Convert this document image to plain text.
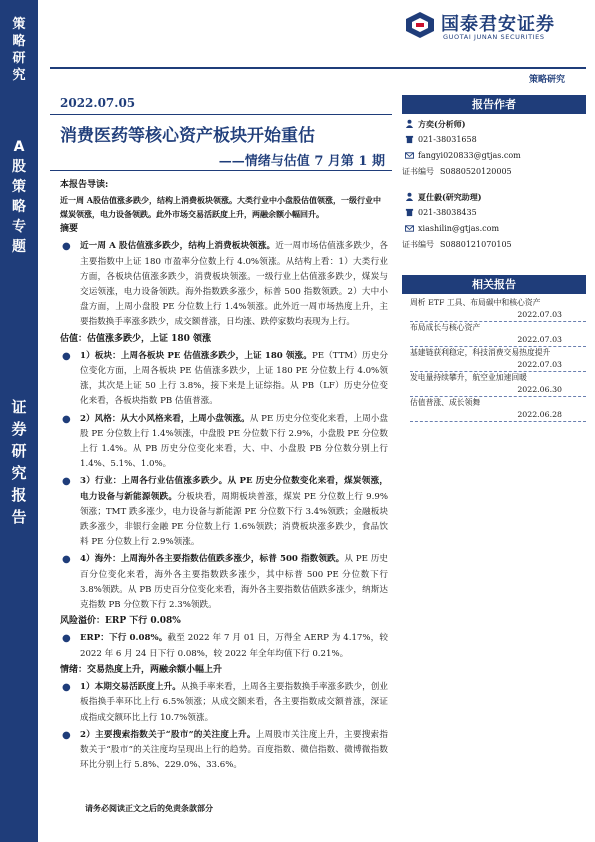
策
略
研
究
A
股
策
略
专
题
证
券
研
究
报
告
国泰君安证券
GUOTAI JUNAN SECURITIES
策略研究
2022.07.05
消费医药等核心资产板块开始重估
——情绪与估值 7 月第 1 期
本报告导读:
近一周 A股估值涨多跌少，结构上消费板块领涨。大类行业中小盘股估值领涨，一级行业中煤炭领涨，电力设备领跌。此外市场交易活跃度上升，两融余额小幅回升。
摘要
● 近一周 A 股估值涨多跌少，结构上消费板块领涨。近一周市场估值涨多跌少，各主要指数中上证 180 市盈率分位数上行 4.0%领涨。从结构上看：1）大类行业方面，各板块估值涨多跌少，消费板块领涨。一级行业上估值涨多跌少，煤炭与交运领涨，电力设备领跌。海外指数跌多涨少，标普 500 指数领跌。2）大中小盘方面，上周小盘股 PE 分位数上行 1.4%领涨。此外近一周市场热度上升，主要指数换手率涨多跌少，成交额普涨，日均涨、跌停家数均表现为上行。
估值：估值涨多跌少，上证 180 领涨
● 1）板块：上周各板块 PE 估值涨多跌少，上证 180 领涨。PE（TTM）历史分位变化方面，上周各板块 PE 估值涨多跌少，上证 180 PE 分位数上行 4.0%领涨，其次是上证 50 上行 3.8%，接下来是上证综指。从 PB（LF）历史分位变化来看，各板块指数 PB 估值普涨。
● 2）风格：从大小风格来看，上周小盘领涨。从 PE 历史分位变化来看，上周小盘股 PE 分位数上行 1.4%领涨，中盘股 PE 分位数下行 2.9%，小盘股 PE 分位数上行 1.4%。从 PB 历史分位变化来看，大、中、小盘股 PB 分位数分别上行 1.4%、5.1%、1.0%。
● 3）行业：上周各行业估值涨多跌少。从 PE 历史分位数变化来看，煤炭领涨，电力设备与新能源领跌。分板块看，周期板块普涨，煤炭 PE 分位数上行 9.9%领涨；TMT 跌多涨少，电力设备与新能源 PE 分位数下行 3.4%领跌；金融板块跌多涨少，非银行金融 PE 分位数上行 1.6%领跌；消费板块涨多跌少，食品饮料 PE 分位数上行 2.9%领涨。
● 4）海外：上周海外各主要指数估值跌多涨少，标普 500 指数领跌。从 PE 历史百分位变化来看，海外各主要指数跌多涨少，其中标普 500 PE 分位数下行 3.8%领跌。从 PB 历史百分位变化来看，海外各主要指数估值跌多涨少，纳斯达克指数 PB 分位数下行 2.3%领跌。
风险溢价：ERP 下行 0.08%
● ERP：下行 0.08%。截至 2022 年 7 月 01 日，万得全 AERP 为 4.17%，较 2022 年 6 月 24 日下行 0.08%，较 2022 年全年均值下行 0.21%。
情绪：交易热度上升，两融余额小幅上升
● 1）本期交易活跃度上升。从换手率来看，上周各主要指数换手率涨多跌少，创业板指换手率环比上行 6.5%领涨；从成交额来看，各主要指数成交额普涨，深证成指成交额环比上行 10.7%领涨。
● 2）主要搜索指数关于“股市”的关注度上升。上周股市关注度上升，主要搜索指数关于“股市”的关注度均呈现出上行的趋势。百度指数、微信指数、微博微指数环比分别上行 5.8%、229.0%、33.6%。
报告作者
方奕(分析师)
021-38031658
fangyi020833@gtjas.com
证书编号 S0880520120005
夏仕毅(研究助理)
021-38038435
xiashilin@gtjas.com
证书编号 S0880121070105
相关报告
周析 ETF 工具、布局碳中和核心资产
2022.07.03
布局成长与核心资产
2022.07.03
基建链获利稳定，科技消费交易热度提升
2022.07.03
发电量持续攀升，航空业加速回暖
2022.06.30
估值普涨、成长领舞
2022.06.28
请务必阅读正文之后的免责条款部分
